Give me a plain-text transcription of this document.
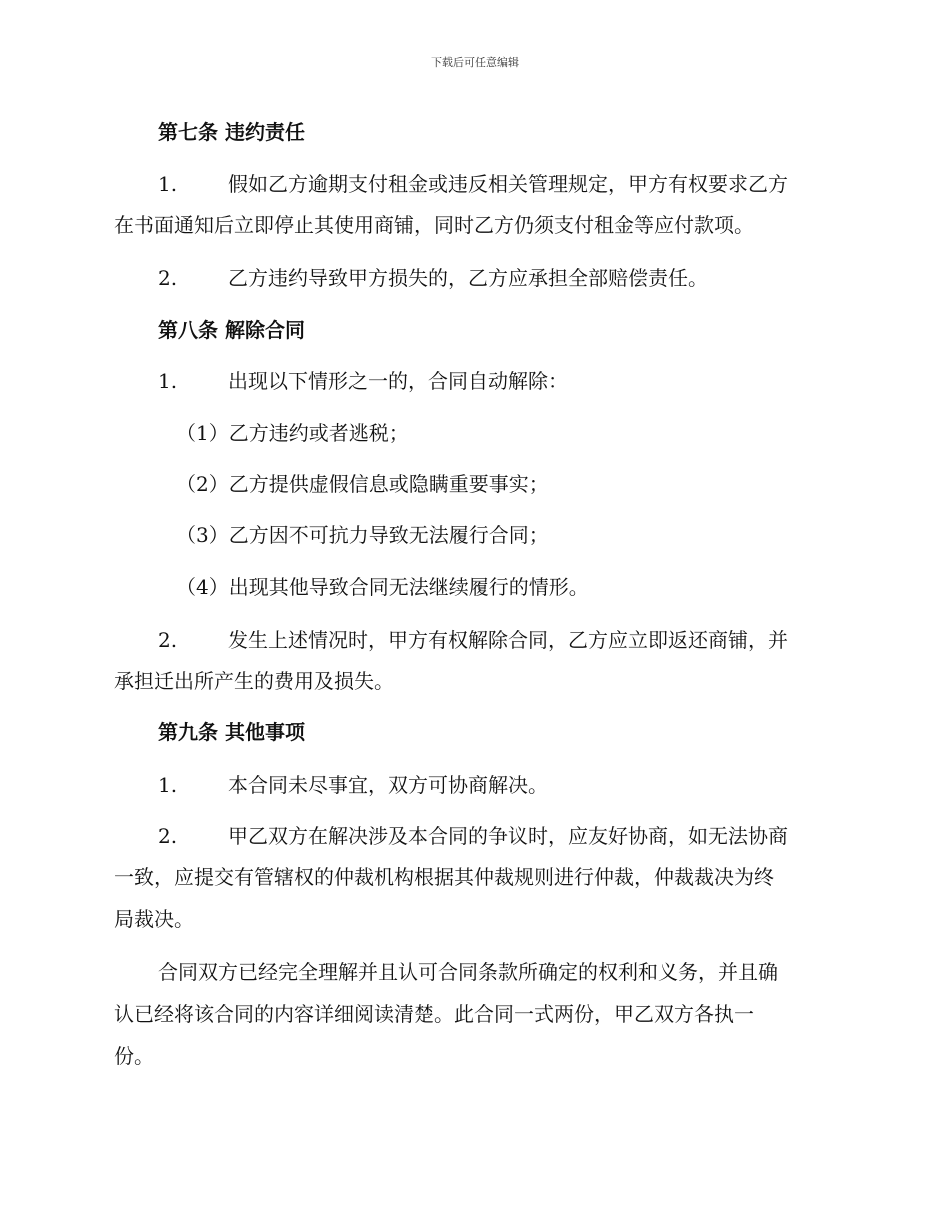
下载后可任意编辑
第七条 违约责任
1.	假如乙方逾期支付租金或违反相关管理规定，甲方有权要求乙方
在书面通知后立即停止其使用商铺，同时乙方仍须支付租金等应付款项。
2.	乙方违约导致甲方损失的，乙方应承担全部赔偿责任。
第八条 解除合同
1.	出现以下情形之一的，合同自动解除：
（1）乙方违约或者逃税；
（2）乙方提供虚假信息或隐瞒重要事实；
（3）乙方因不可抗力导致无法履行合同；
（4）出现其他导致合同无法继续履行的情形。
2.	发生上述情况时，甲方有权解除合同，乙方应立即返还商铺，并
承担迁出所产生的费用及损失。
第九条 其他事项
1.	本合同未尽事宜，双方可协商解决。
2.	甲乙双方在解决涉及本合同的争议时，应友好协商，如无法协商
一致，应提交有管辖权的仲裁机构根据其仲裁规则进行仲裁，仲裁裁决为终
局裁决。
合同双方已经完全理解并且认可合同条款所确定的权利和义务，并且确
认已经将该合同的内容详细阅读清楚。此合同一式两份，甲乙双方各执一
份。
